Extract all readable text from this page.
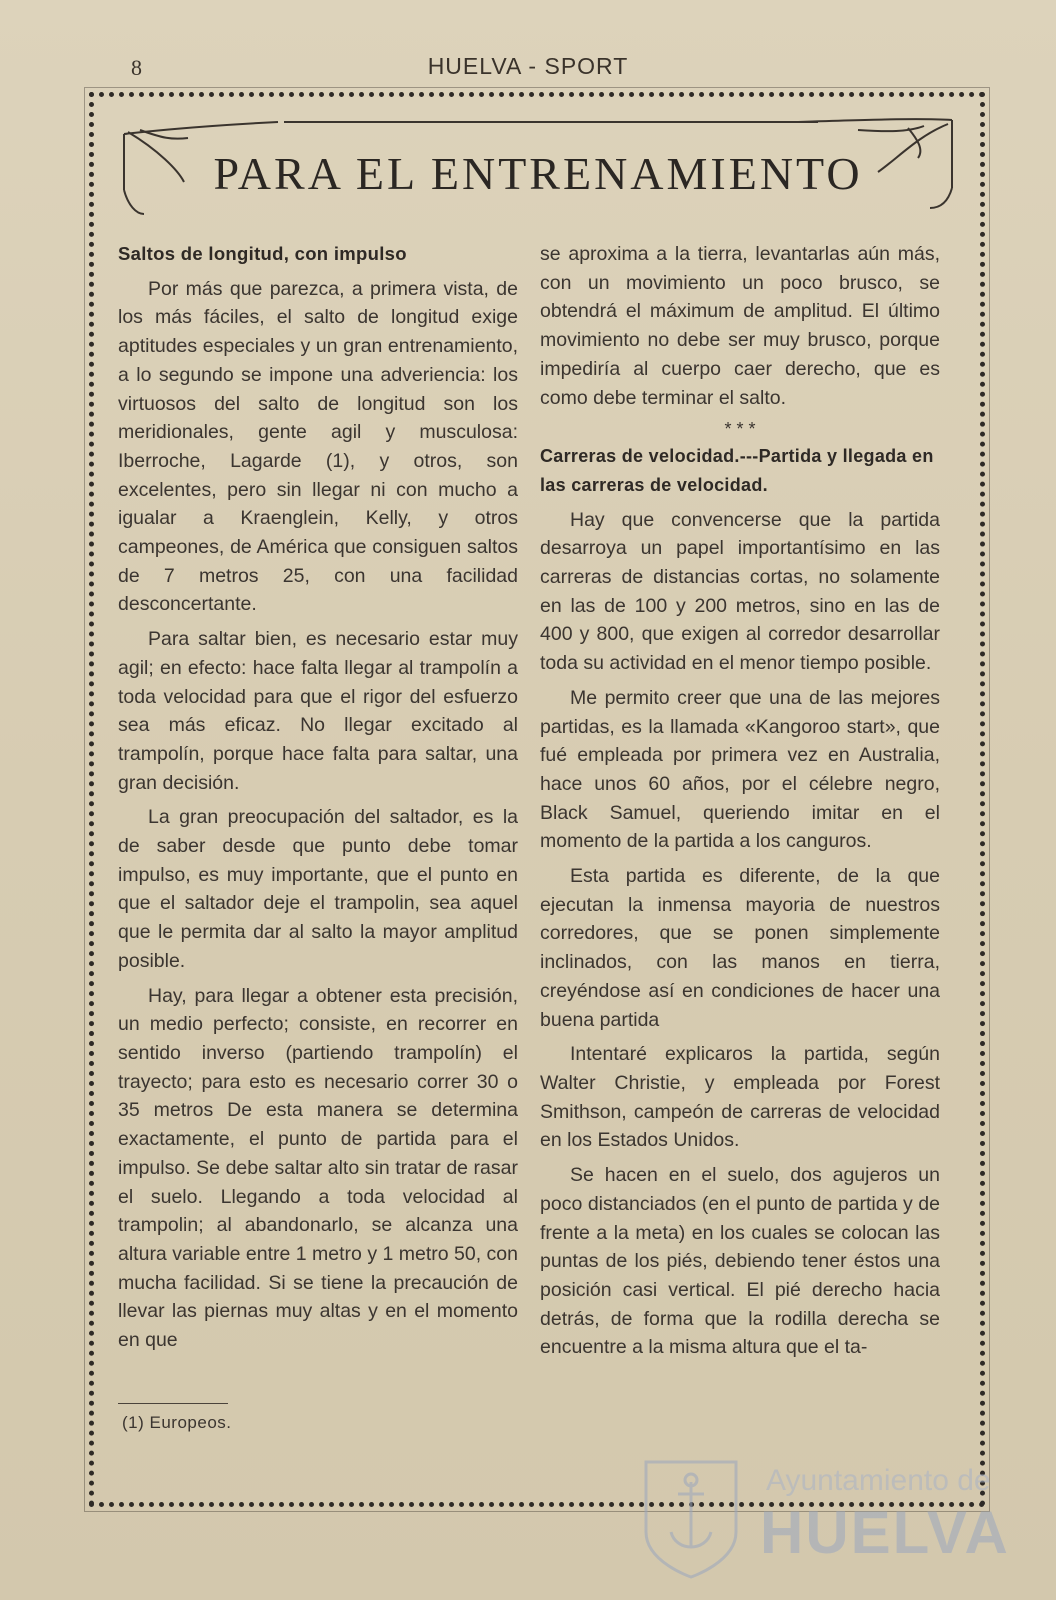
8	HUELVA - SPORT
PARA EL ENTRENAMIENTO

Saltos de longitud, con impulso

Por más que parezca, a primera vista, de los más fáciles, el salto de longitud exige aptitudes especiales y un gran entrenamiento, a lo segundo se impone una adveriencia: los virtuosos del salto de longitud son los meridionales, gente agil y musculosa: Iberroche, Lagarde (1), y otros, son excelentes, pero sin llegar ni con mucho a igualar a Kraenglein, Kelly, y otros campeones, de América que consiguen saltos de 7 metros 25, con una facilidad desconcertante.

Para saltar bien, es necesario estar muy agil; en efecto: hace falta llegar al trampolín a toda velocidad para que el rigor del esfuerzo sea más eficaz. No llegar excitado al trampolín, porque hace falta para saltar, una gran decisión.

La gran preocupación del saltador, es la de saber desde que punto debe tomar impulso, es muy importante, que el punto en que el saltador deje el trampolin, sea aquel que le permita dar al salto la mayor amplitud posible.

Hay, para llegar a obtener esta precisión, un medio perfecto; consiste, en recorrer en sentido inverso (partiendo trampolín) el trayecto; para esto es necesario correr 30 o 35 metros De esta manera se determina exactamente, el punto de partida para el impulso. Se debe saltar alto sin tratar de rasar el suelo. Llegando a toda velocidad al trampolin; al abandonarlo, se alcanza una altura variable entre 1 metro y 1 metro 50, con mucha facilidad. Si se tiene la precaución de llevar las piernas muy altas y en el momento en que

(1) Europeos.

se aproxima a la tierra, levantarlas aún más, con un movimiento un poco brusco, se obtendrá el máximum de amplitud. El último movimiento no debe ser muy brusco, porque impediría al cuerpo caer derecho, que es como debe terminar el salto.

* * *

Carreras de velocidad.---Partida y llegada en las carreras de velocidad.

Hay que convencerse que la partida desarroya un papel importantísimo en las carreras de distancias cortas, no solamente en las de 100 y 200 metros, sino en las de 400 y 800, que exigen al corredor desarrollar toda su actividad en el menor tiempo posible.

Me permito creer que una de las mejores partidas, es la llamada «Kangoroo start», que fué empleada por primera vez en Australia, hace unos 60 años, por el célebre negro, Black Samuel, queriendo imitar en el momento de la partida a los canguros.

Esta partida es diferente, de la que ejecutan la inmensa mayoria de nuestros corredores, que se ponen simplemente inclinados, con las manos en tierra, creyéndose así en condiciones de hacer una buena partida

Intentaré explicaros la partida, según Walter Christie, y empleada por Forest Smithson, campeón de carreras de velocidad en los Estados Unidos.

Se hacen en el suelo, dos agujeros un poco distanciados (en el punto de partida y de frente a la meta) en los cuales se colocan las puntas de los piés, debiendo tener éstos una posición casi vertical. El pié derecho hacia detrás, de forma que la rodilla derecha se encuentre a la misma altura que el ta-

Ayuntamiento de
HUELVA
